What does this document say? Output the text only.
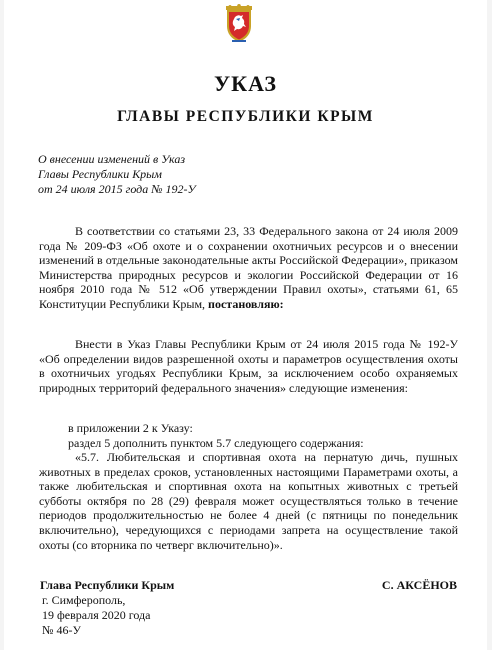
УКАЗ
ГЛАВЫ РЕСПУБЛИКИ КРЫМ
О внесении изменений в Указ
Главы Республики Крым
от 24 июля 2015 года № 192-У

В соответствии со статьями 23, 33 Федерального закона от 24 июля 2009 года № 209-ФЗ «Об охоте и о сохранении охотничьих ресурсов и о внесении изменений в отдельные законодательные акты Российской Федерации», приказом Министерства природных ресурсов и экологии Российской Федерации от 16 ноября 2010 года № 512 «Об утверждении Правил охоты», статьями 61, 65 Конституции Республики Крым, постановляю:

Внести в Указ Главы Республики Крым от 24 июля 2015 года № 192-У «Об определении видов разрешенной охоты и параметров осуществления охоты в охотничьих угодьях Республики Крым, за исключением особо охраняемых природных территорий федерального значения» следующие изменения:

в приложении 2 к Указу:
раздел 5 дополнить пунктом 5.7 следующего содержания:

«5.7. Любительская и спортивная охота на пернатую дичь, пушных животных в пределах сроков, установленных настоящими Параметрами охоты, а также любительская и спортивная охота на копытных животных с третьей субботы октября по 28 (29) февраля может осуществляться только в течение периодов продолжительностью не более 4 дней (с пятницы по понедельник включительно), чередующихся с периодами запрета на осуществление такой охоты (со вторника по четверг включительно)».

Глава Республики Крым
г. Симферополь,
19 февраля 2020 года
№ 46-У
С. АКСЁНОВ
